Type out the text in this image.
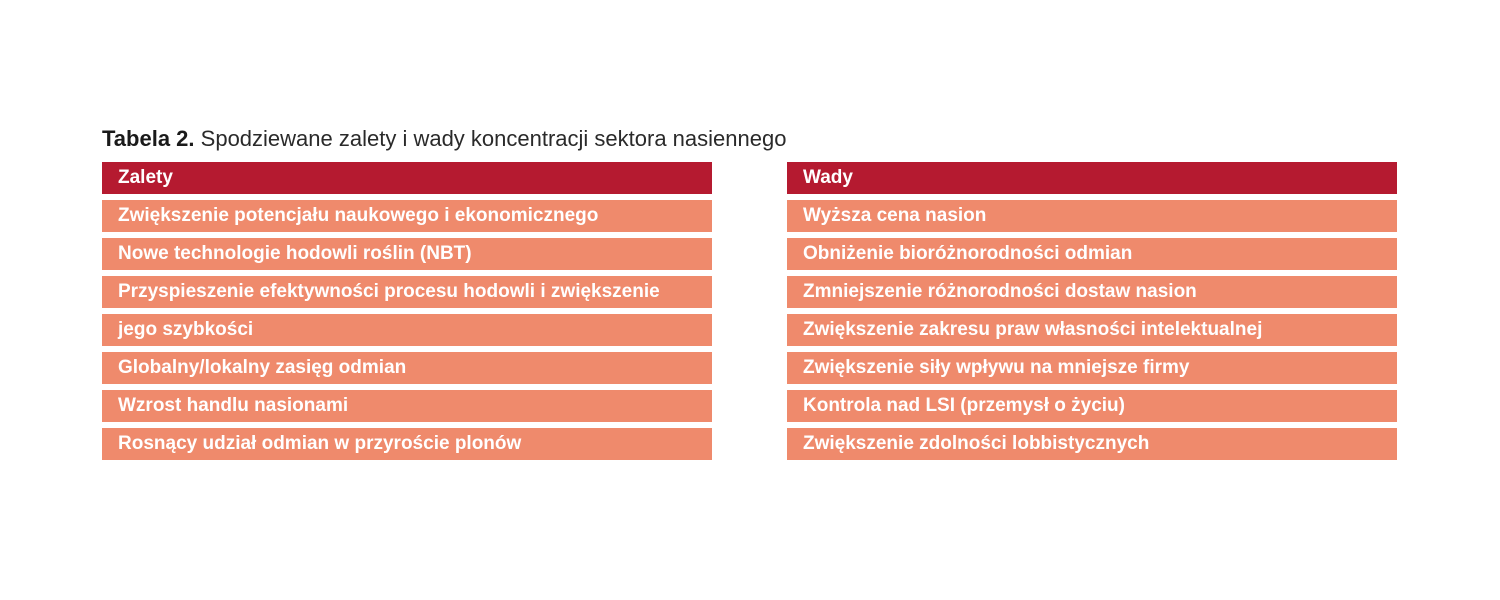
Tabela 2. Spodziewane zalety i wady koncentracji sektora nasiennego
Zalety
Zwiększenie potencjału naukowego i ekonomicznego
Nowe technologie hodowli roślin (NBT)
Przyspieszenie efektywności procesu hodowli i zwiększenie
jego szybkości
Globalny/lokalny zasięg odmian
Wzrost handlu nasionami
Rosnący udział odmian w przyroście plonów
Wady
Wyższa cena nasion
Obniżenie bioróżnorodności odmian
Zmniejszenie różnorodności dostaw nasion
Zwiększenie zakresu praw własności intelektualnej
Zwiększenie siły wpływu na mniejsze firmy
Kontrola nad LSI (przemysł o życiu)
Zwiększenie zdolności lobbistycznych
